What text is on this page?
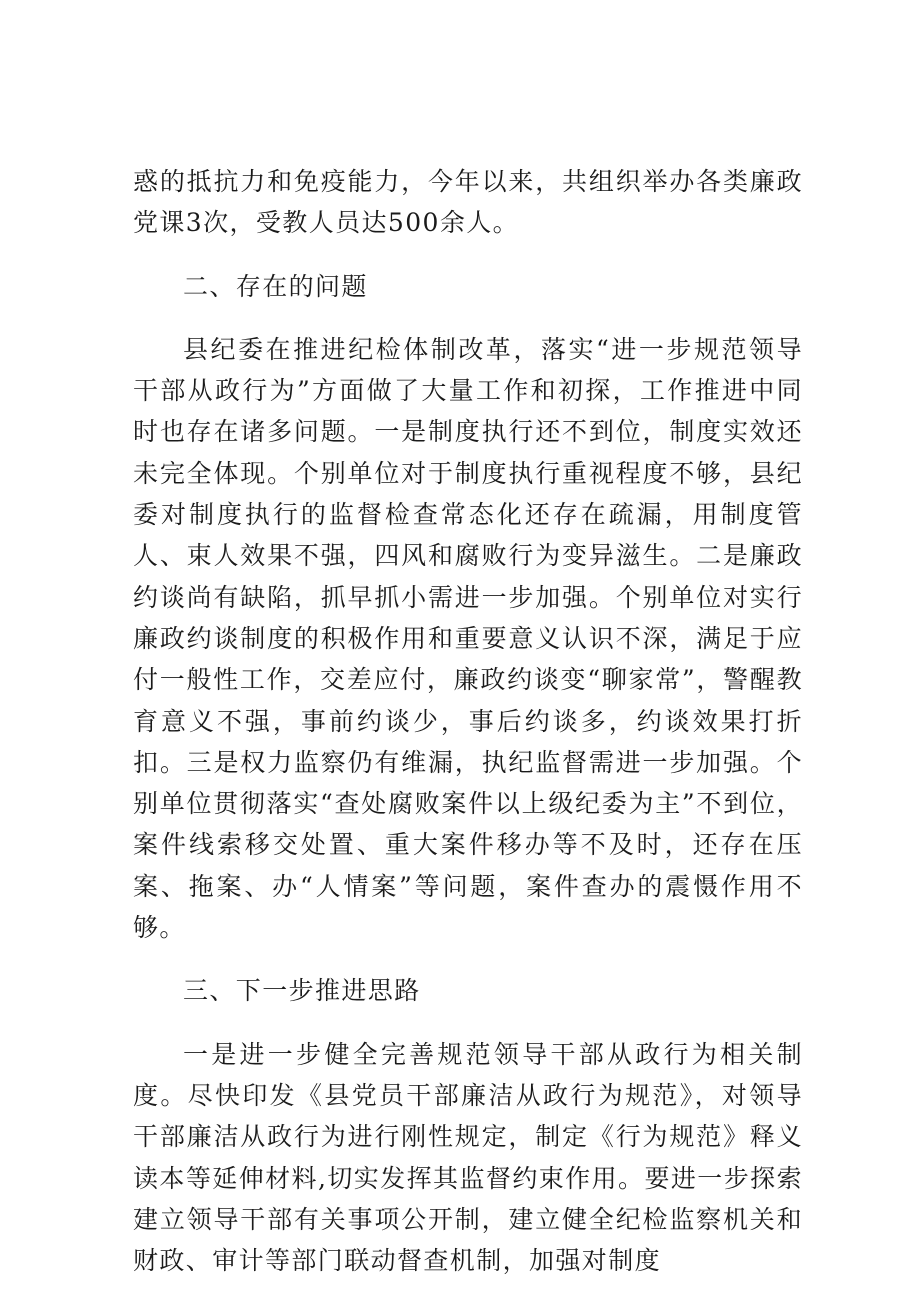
惑的抵抗力和免疫能力，今年以来，共组织举办各类廉政党课3次，受教人员达500余人。

二、存在的问题

县纪委在推进纪检体制改革，落实“进一步规范领导干部从政行为”方面做了大量工作和初探，工作推进中同时也存在诸多问题。一是制度执行还不到位，制度实效还未完全体现。个别单位对于制度执行重视程度不够，县纪委对制度执行的监督检查常态化还存在疏漏，用制度管人、束人效果不强，四风和腐败行为变异滋生。二是廉政约谈尚有缺陷，抓早抓小需进一步加强。个别单位对实行廉政约谈制度的积极作用和重要意义认识不深，满足于应付一般性工作，交差应付，廉政约谈变“聊家常”，警醒教育意义不强，事前约谈少，事后约谈多，约谈效果打折扣。三是权力监察仍有维漏，执纪监督需进一步加强。个别单位贯彻落实“查处腐败案件以上级纪委为主”不到位，案件线索移交处置、重大案件移办等不及时，还存在压案、拖案、办“人情案”等问题，案件查办的震慑作用不够。

三、下一步推进思路

一是进一步健全完善规范领导干部从政行为相关制度。尽快印发《县党员干部廉洁从政行为规范》，对领导干部廉洁从政行为进行刚性规定，制定《行为规范》释义读本等延伸材料,切实发挥其监督约束作用。要进一步探索建立领导干部有关事项公开制，建立健全纪检监察机关和财政、审计等部门联动督查机制，加强对制度
